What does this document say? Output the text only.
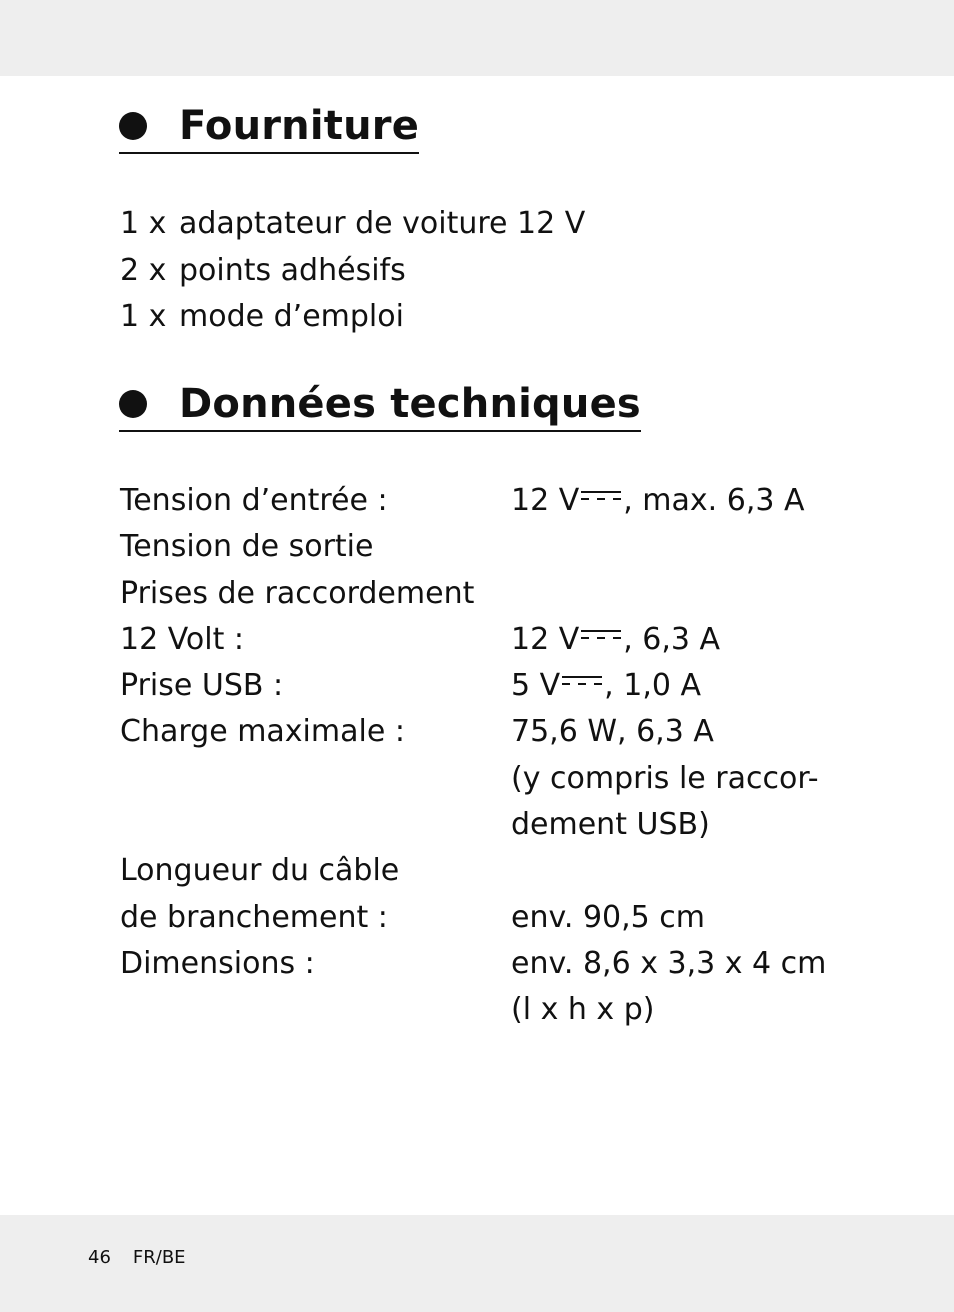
Fourniture
1 x adaptateur de voiture 12 V
2 x points adhésifs
1 x mode d’emploi
Données techniques
Tension d’entrée :	12 V , max. 6,3 A
Tension de sortie
Prises de raccordement
12 Volt :	12 V , 6,3 A
Prise USB :	5 V , 1,0 A
Charge maximale :	75,6 W, 6,3 A
(y compris le raccor-
dement USB)
Longueur du câble
de branchement :	env. 90,5 cm
Dimensions :	env. 8,6 x 3,3 x 4 cm
(l x h x p)
46 FR/BE
